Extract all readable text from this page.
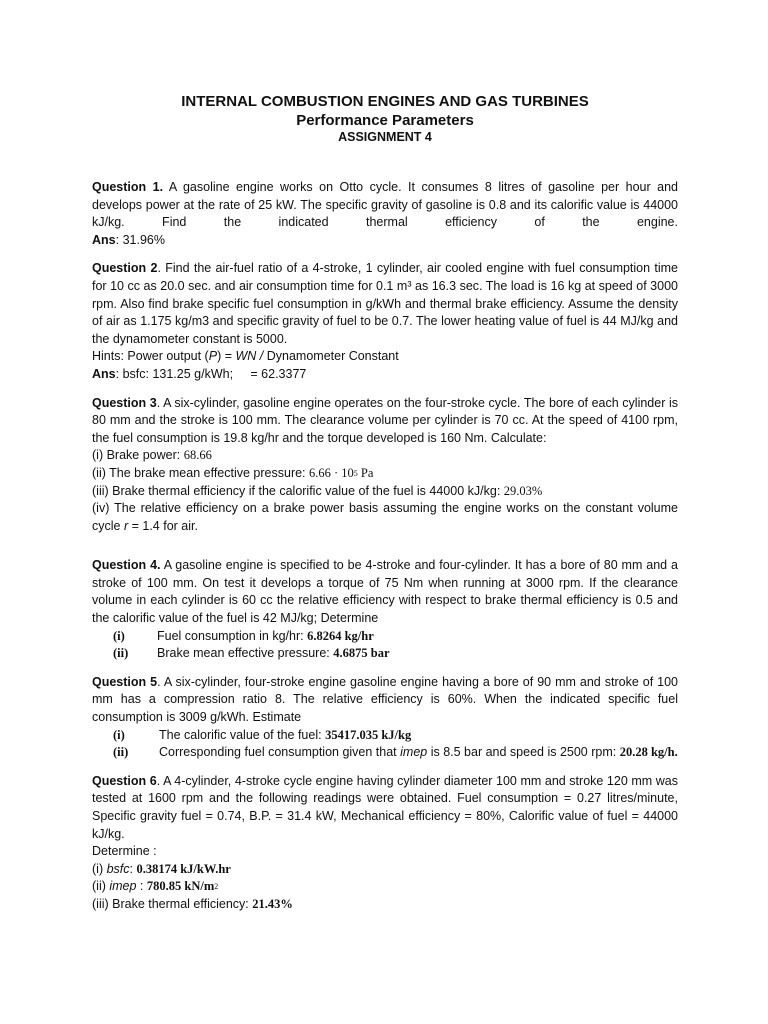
INTERNAL COMBUSTION ENGINES AND GAS TURBINES

Performance Parameters

ASSIGNMENT 4

Question 1. A gasoline engine works on Otto cycle. It consumes 8 litres of gasoline per hour and develops power at the rate of 25 kW. The specific gravity of gasoline is 0.8 and its calorific value is 44000 kJ/kg. Find the indicated thermal efficiency of the engine.

Ans: 31.96%

Question 2. Find the air-fuel ratio of a 4-stroke, 1 cylinder, air cooled engine with fuel consumption time for 10 cc as 20.0 sec. and air consumption time for 0.1 m³ as 16.3 sec. The load is 16 kg at speed of 3000 rpm. Also find brake specific fuel consumption in g/kWh and thermal brake efficiency. Assume the density of air as 1.175 kg/m3 and specific gravity of fuel to be 0.7. The lower heating value of fuel is 44 MJ/kg and the dynamometer constant is 5000.

Hints: Power output (P) = WN / Dynamometer Constant

Ans: bsfc: 131.25 g/kWh;     = 62.3377

Question 3. A six-cylinder, gasoline engine operates on the four-stroke cycle. The bore of each cylinder is 80 mm and the stroke is 100 mm. The clearance volume per cylinder is 70 cc. At the speed of 4100 rpm, the fuel consumption is 19.8 kg/hr and the torque developed is 160 Nm. Calculate:

(i) Brake power: 68.66

(ii) The brake mean effective pressure: $6.66 \cdot 10^5$ Pa

(iii) Brake thermal efficiency if the calorific value of the fuel is 44000 kJ/kg: 29.03%

(iv) The relative efficiency on a brake power basis assuming the engine works on the constant volume cycle r = 1.4 for air.

Question 4. A gasoline engine is specified to be 4-stroke and four-cylinder. It has a bore of 80 mm and a stroke of 100 mm. On test it develops a torque of 75 Nm when running at 3000 rpm. If the clearance volume in each cylinder is 60 cc the relative efficiency with respect to brake thermal efficiency is 0.5 and the calorific value of the fuel is 42 MJ/kg; Determine

(i)	Fuel consumption in kg/hr: 6.8264 kg/hr
(ii)	Brake mean effective pressure: 4.6875 bar

Question 5. A six-cylinder, four-stroke engine gasoline engine having a bore of 90 mm and stroke of 100 mm has a compression ratio 8. The relative efficiency is 60%. When the indicated specific fuel consumption is 3009 g/kWh. Estimate

(i)	The calorific value of the fuel: 35417.035 kJ/kg
(ii)	Corresponding fuel consumption given that imep is 8.5 bar and speed is 2500 rpm: 20.28 kg/h.

Question 6. A 4-cylinder, 4-stroke cycle engine having cylinder diameter 100 mm and stroke 120 mm was tested at 1600 rpm and the following readings were obtained. Fuel consumption = 0.27 litres/minute, Specific gravity fuel = 0.74, B.P. = 31.4 kW, Mechanical efficiency = 80%, Calorific value of fuel = 44000 kJ/kg.

Determine :

(i) bsfc: 0.38174 kJ/kW.hr

(ii) imep : 780.85 $kN/m^2$

(iii) Brake thermal efficiency: 21.43%
